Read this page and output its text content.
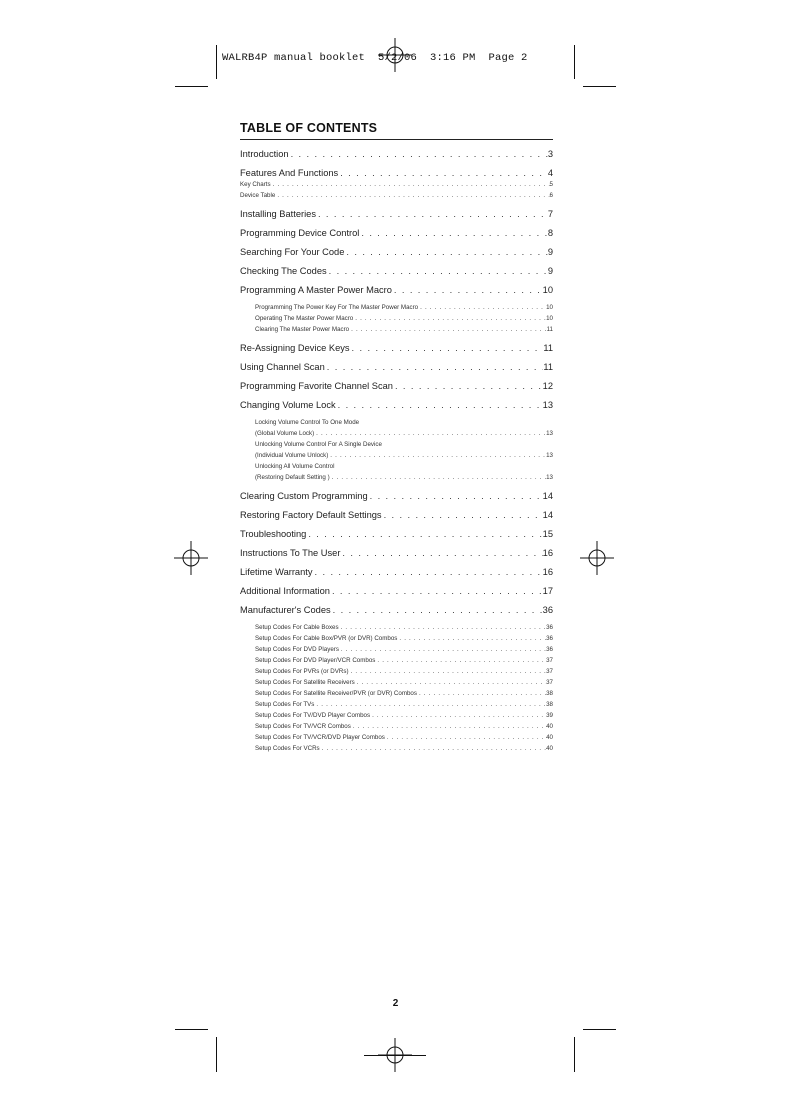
WALRB4P manual booklet  5/2/06  3:16 PM  Page 2
TABLE OF CONTENTS
Introduction . . .	3
Features And Functions . . .	4
Key Charts . . .	5
Device Table . . .	6
Installing Batteries . . .	7
Programming Device Control . . .	8
Searching For Your Code . . .	9
Checking The Codes . . .	9
Programming A Master Power Macro . . .	10
Programming The Power Key For The Master Power Macro . . .	10
Operating The Master Power Macro . . .	10
Clearing The Master Power Macro . . .	11
Re-Assigning Device Keys . . .	11
Using Channel Scan . . .	11
Programming Favorite Channel Scan . . .	12
Changing Volume Lock . . .	13
Locking Volume Control To One Mode
(Global Volume Lock) . . .	13
Unlocking Volume Control For A Single Device
(Individual Volume Unlock) . . .	13
Unlocking All Volume Control
(Restoring Default Setting ) . . .	13
Clearing Custom Programming . . .	14
Restoring Factory Default Settings . . .	14
Troubleshooting . . .	15
Instructions To The User . . .	16
Lifetime Warranty . . .	16
Additional Information . . .	17
Manufacturer's Codes . . .	36
Setup Codes For Cable Boxes . . .	36
Setup Codes For Cable Box/PVR (or DVR) Combos . . .	36
Setup Codes For DVD Players . . .	36
Setup Codes For DVD Player/VCR Combos . . .	37
Setup Codes For PVRs (or DVRs) . . .	37
Setup Codes For Satellite Receivers . . .	37
Setup Codes For Satellite Receiver/PVR (or DVR) Combos . . .	38
Setup Codes For TVs . . .	38
Setup Codes For TV/DVD Player Combos . . .	39
Setup Codes For TV/VCR Combos . . .	40
Setup Codes For TV/VCR/DVD Player Combos . . .	40
Setup Codes For VCRs . . .	40
2
